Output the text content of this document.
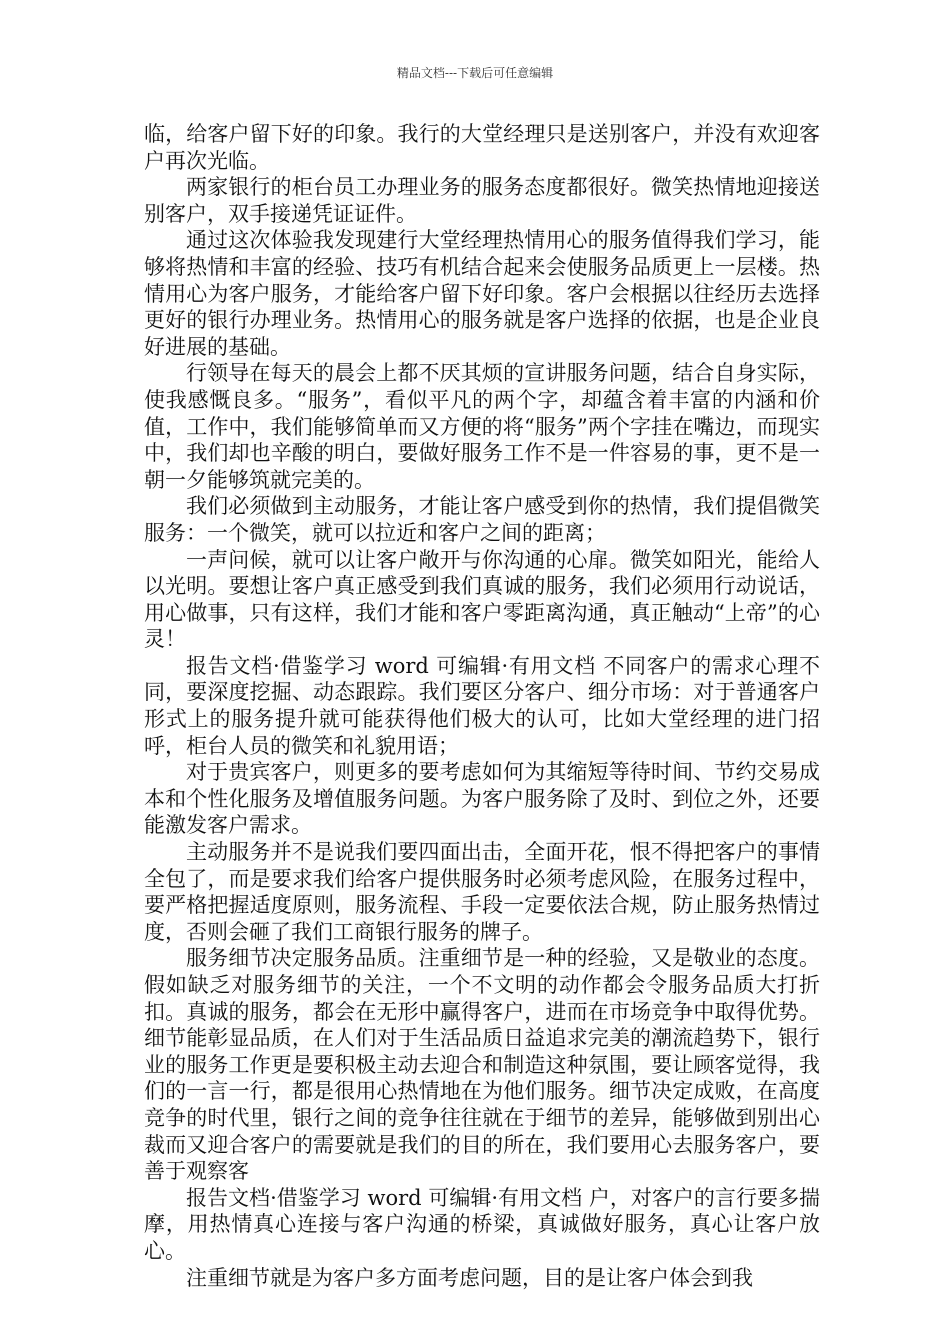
精品文档---下载后可任意编辑

临，给客户留下好的印象。我行的大堂经理只是送别客户，并没有欢迎客户再次光临。

两家银行的柜台员工办理业务的服务态度都很好。微笑热情地迎接送别客户，双手接递凭证证件。

通过这次体验我发现建行大堂经理热情用心的服务值得我们学习，能够将热情和丰富的经验、技巧有机结合起来会使服务品质更上一层楼。热情用心为客户服务，才能给客户留下好印象。客户会根据以往经历去选择更好的银行办理业务。热情用心的服务就是客户选择的依据，也是企业良好进展的基础。

行领导在每天的晨会上都不厌其烦的宣讲服务问题，结合自身实际，使我感慨良多。“服务”，看似平凡的两个字，却蕴含着丰富的内涵和价值，工作中，我们能够简单而又方便的将“服务”两个字挂在嘴边，而现实中，我们却也辛酸的明白，要做好服务工作不是一件容易的事，更不是一朝一夕能够筑就完美的。

我们必须做到主动服务，才能让客户感受到你的热情，我们提倡微笑服务：一个微笑，就可以拉近和客户之间的距离；

一声问候，就可以让客户敞开与你沟通的心扉。微笑如阳光，能给人以光明。要想让客户真正感受到我们真诚的服务，我们必须用行动说话，用心做事，只有这样，我们才能和客户零距离沟通，真正触动“上帝”的心灵！

报告文档·借鉴学习 word 可编辑·有用文档 不同客户的需求心理不同，要深度挖掘、动态跟踪。我们要区分客户、细分市场：对于普通客户形式上的服务提升就可能获得他们极大的认可，比如大堂经理的进门招呼，柜台人员的微笑和礼貌用语；

对于贵宾客户，则更多的要考虑如何为其缩短等待时间、节约交易成本和个性化服务及增值服务问题。为客户服务除了及时、到位之外，还要能激发客户需求。

主动服务并不是说我们要四面出击，全面开花，恨不得把客户的事情全包了，而是要求我们给客户提供服务时必须考虑风险，在服务过程中，要严格把握适度原则，服务流程、手段一定要依法合规，防止服务热情过度，否则会砸了我们工商银行服务的牌子。

服务细节决定服务品质。注重细节是一种的经验，又是敬业的态度。假如缺乏对服务细节的关注，一个不文明的动作都会令服务品质大打折扣。真诚的服务，都会在无形中赢得客户，进而在市场竞争中取得优势。细节能彰显品质，在人们对于生活品质日益追求完美的潮流趋势下，银行业的服务工作更是要积极主动去迎合和制造这种氛围，要让顾客觉得，我们的一言一行，都是很用心热情地在为他们服务。细节决定成败，在高度竞争的时代里，银行之间的竞争往往就在于细节的差异，能够做到别出心裁而又迎合客户的需要就是我们的目的所在，我们要用心去服务客户，要善于观察客

报告文档·借鉴学习 word 可编辑·有用文档 户，对客户的言行要多揣摩，用热情真心连接与客户沟通的桥梁，真诚做好服务，真心让客户放心。

注重细节就是为客户多方面考虑问题，目的是让客户体会到我
